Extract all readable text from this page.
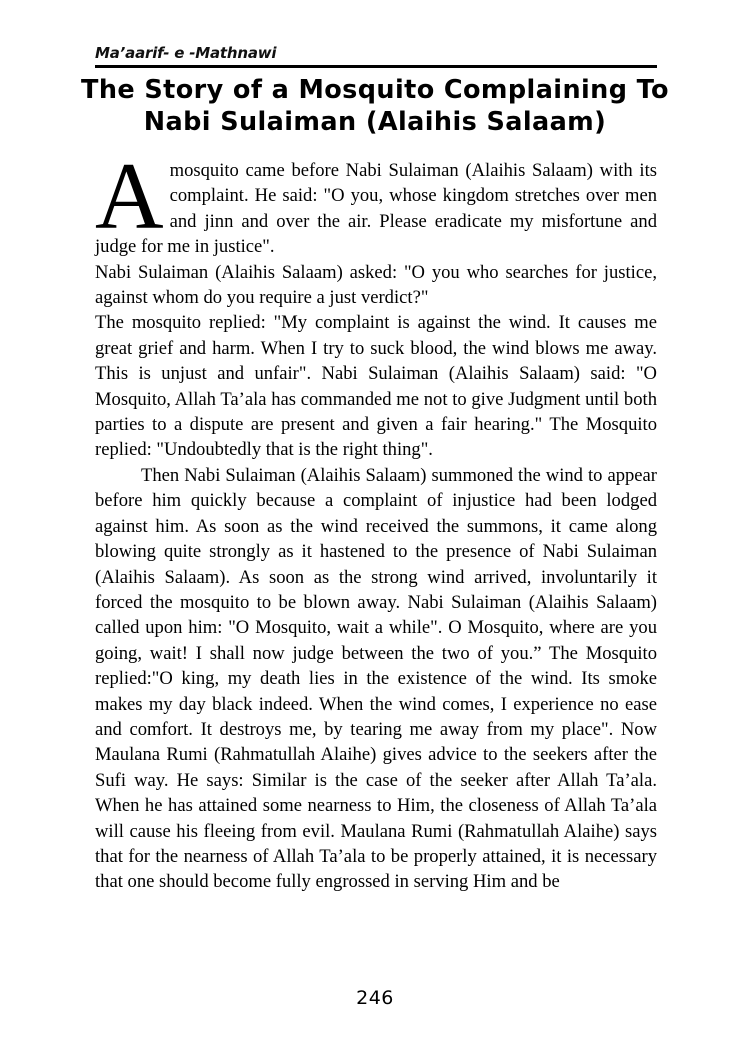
Ma’aarif- e -Mathnawi
The Story of a Mosquito Complaining To
Nabi Sulaiman (Alaihis Salaam)

Amosquito came before Nabi Sulaiman (Alaihis Salaam) with its complaint. He said: "O you, whose kingdom stretches over men and jinn and over the air. Please eradicate my misfortune and judge for me in justice".

Nabi Sulaiman (Alaihis Salaam) asked: "O you who searches for justice, against whom do you require a just verdict?"

The mosquito replied: "My complaint is against the wind. It causes me great grief and harm. When I try to suck blood, the wind blows me away. This is unjust and unfair". Nabi Sulaiman (Alaihis Salaam) said: "O Mosquito, Allah Ta’ala has commanded me not to give Judgment until both parties to a dispute are present and given a fair hearing." The Mosquito replied: "Undoubtedly that is the right thing".

Then Nabi Sulaiman (Alaihis Salaam) summoned the wind to appear before him quickly because a complaint of injustice had been lodged against him. As soon as the wind received the summons, it came along blowing quite strongly as it hastened to the presence of Nabi Sulaiman (Alaihis Salaam). As soon as the strong wind arrived, involuntarily it forced the mosquito to be blown away. Nabi Sulaiman (Alaihis Salaam) called upon him: "O Mosquito, wait a while". O Mosquito, where are you going, wait! I shall now judge between the two of you.” The Mosquito replied:"O king, my death lies in the existence of the wind. Its smoke makes my day black indeed. When the wind comes, I experience no ease and comfort. It destroys me, by tearing me away from my place". Now Maulana Rumi (Rahmatullah Alaihe) gives advice to the seekers after the Sufi way. He says: Similar is the case of the seeker after Allah Ta’ala. When he has attained some nearness to Him, the closeness of Allah Ta’ala will cause his fleeing from evil. Maulana Rumi (Rahmatullah Alaihe) says that for the nearness of Allah Ta’ala to be properly attained, it is necessary that one should become fully engrossed in serving Him and be

246
